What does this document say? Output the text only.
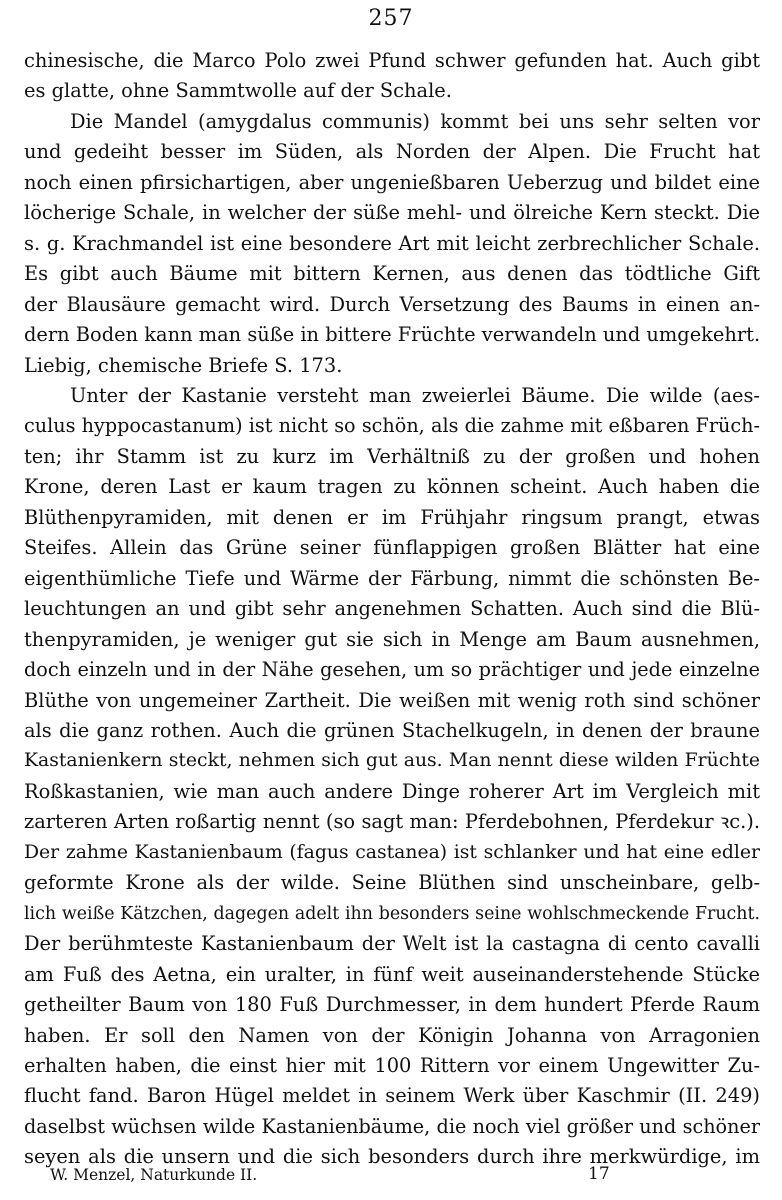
257
chinesische, die Marco Polo zwei Pfund schwer gefunden hat. Auch gibt
es glatte, ohne Sammtwolle auf der Schale.
Die Mandel (amygdalus communis) kommt bei uns sehr selten vor
und gedeiht besser im Süden, als Norden der Alpen. Die Frucht hat
noch einen pfirsichartigen, aber ungenießbaren Ueberzug und bildet eine
löcherige Schale, in welcher der süße mehl- und ölreiche Kern steckt. Die
s. g. Krachmandel ist eine besondere Art mit leicht zerbrechlicher Schale.
Es gibt auch Bäume mit bittern Kernen, aus denen das tödtliche Gift
der Blausäure gemacht wird. Durch Versetzung des Baums in einen an-
dern Boden kann man süße in bittere Früchte verwandeln und umgekehrt.
Liebig, chemische Briefe S. 173.
Unter der Kastanie versteht man zweierlei Bäume. Die wilde (aes-
culus hyppocastanum) ist nicht so schön, als die zahme mit eßbaren Früch-
ten; ihr Stamm ist zu kurz im Verhältniß zu der großen und hohen
Krone, deren Last er kaum tragen zu können scheint. Auch haben die
Blüthenpyramiden, mit denen er im Frühjahr ringsum prangt, etwas
Steifes. Allein das Grüne seiner fünflappigen großen Blätter hat eine
eigenthümliche Tiefe und Wärme der Färbung, nimmt die schönsten Be-
leuchtungen an und gibt sehr angenehmen Schatten. Auch sind die Blü-
thenpyramiden, je weniger gut sie sich in Menge am Baum ausnehmen,
doch einzeln und in der Nähe gesehen, um so prächtiger und jede einzelne
Blüthe von ungemeiner Zartheit. Die weißen mit wenig roth sind schöner
als die ganz rothen. Auch die grünen Stachelkugeln, in denen der braune
Kastanienkern steckt, nehmen sich gut aus. Man nennt diese wilden Früchte
Roßkastanien, wie man auch andere Dinge roherer Art im Vergleich mit
zarteren Arten roßartig nennt (so sagt man: Pferdebohnen, Pferdekur ꝛc.).
Der zahme Kastanienbaum (fagus castanea) ist schlanker und hat eine edler
geformte Krone als der wilde. Seine Blüthen sind unscheinbare, gelb-
lich weiße Kätzchen, dagegen adelt ihn besonders seine wohlschmeckende Frucht.
Der berühmteste Kastanienbaum der Welt ist la castagna di cento cavalli
am Fuß des Aetna, ein uralter, in fünf weit auseinanderstehende Stücke
getheilter Baum von 180 Fuß Durchmesser, in dem hundert Pferde Raum
haben. Er soll den Namen von der Königin Johanna von Arragonien
erhalten haben, die einst hier mit 100 Rittern vor einem Ungewitter Zu-
flucht fand. Baron Hügel meldet in seinem Werk über Kaschmir (II. 249)
daselbst wüchsen wilde Kastanienbäume, die noch viel größer und schöner
seyen als die unsern und die sich besonders durch ihre merkwürdige, im
W. Menzel, Naturkunde II.	17
